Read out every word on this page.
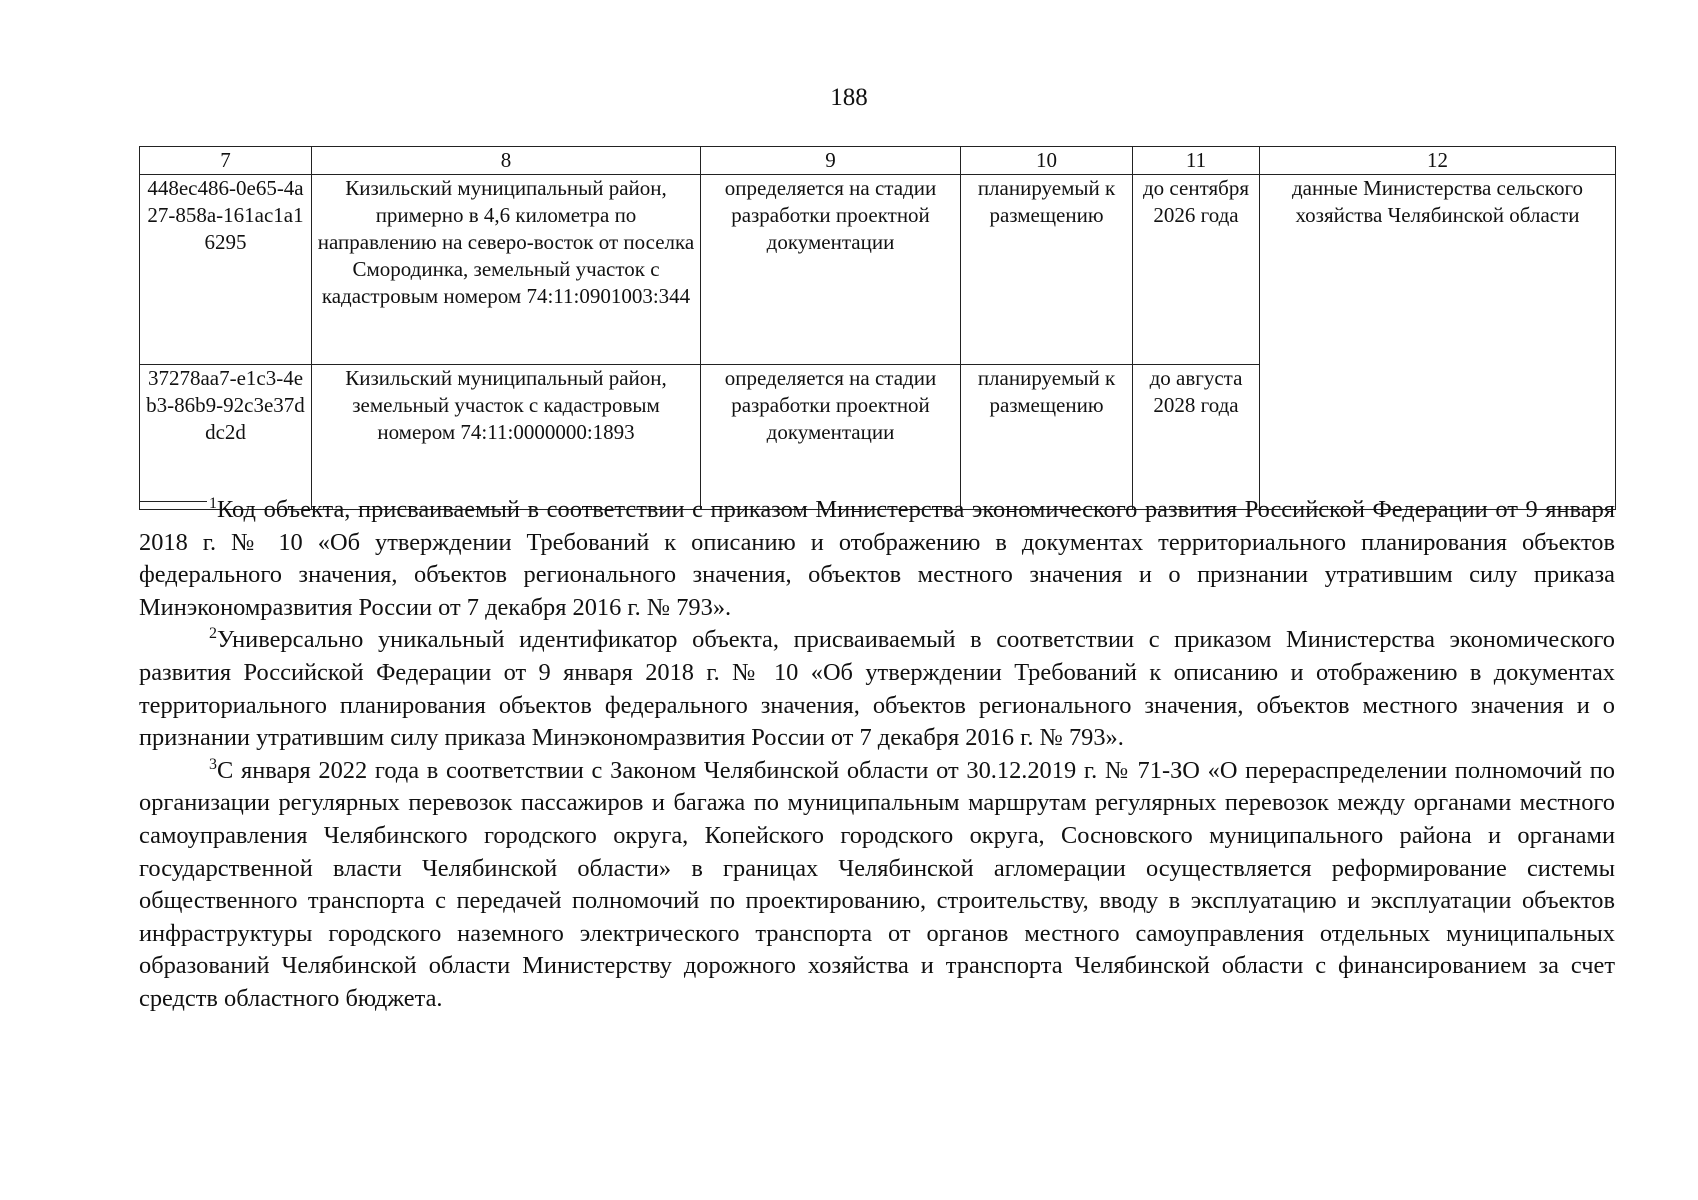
188
7	8	9	10	11	12
448ec486-0e65-4a27-858a-161ac1a16295	Кизильский муниципальный район, примерно в 4,6 километра по направлению на северо-восток от поселка Смородинка, земельный участок с кадастровым номером 74:11:0901003:344	определяется на стадии разработки проектной документации	планируемый к размещению	до сентября 2026 года	данные Министерства сельского хозяйства Челябинской области
37278aa7-e1c3-4eb3-86b9-92c3e37ddc2d	Кизильский муниципальный район, земельный участок с кадастровым номером 74:11:0000000:1893	определяется на стадии разработки проектной документации	планируемый к размещению	до августа 2028 года	

$^1$Код объекта, присваиваемый в соответствии с приказом Министерства экономического развития Российской Федерации от 9 января 2018 г. № 10 «Об утверждении Требований к описанию и отображению в документах территориального планирования объектов федерального значения, объектов регионального значения, объектов местного значения и о признании утратившим силу приказа Минэкономразвития России от 7 декабря 2016 г. № 793».

$^2$Универсально уникальный идентификатор объекта, присваиваемый в соответствии с приказом Министерства экономического развития Российской Федерации от 9 января 2018 г. № 10 «Об утверждении Требований к описанию и отображению в документах территориального планирования объектов федерального значения, объектов регионального значения, объектов местного значения и о признании утратившим силу приказа Минэкономразвития России от 7 декабря 2016 г. № 793».

$^3$С января 2022 года в соответствии с Законом Челябинской области от 30.12.2019 г. № 71-ЗО «О перераспределении полномочий по организации регулярных перевозок пассажиров и багажа по муниципальным маршрутам регулярных перевозок между органами местного самоуправления Челябинского городского округа, Копейского городского округа, Сосновского муниципального района и органами государственной власти Челябинской области» в границах Челябинской агломерации осуществляется реформирование системы общественного транспорта с передачей полномочий по проектированию, строительству, вводу в эксплуатацию и эксплуатации объектов инфраструктуры городского наземного электрического транспорта от органов местного самоуправления отдельных муниципальных образований Челябинской области Министерству дорожного хозяйства и транспорта Челябинской области с финансированием за счет средств областного бюджета.
